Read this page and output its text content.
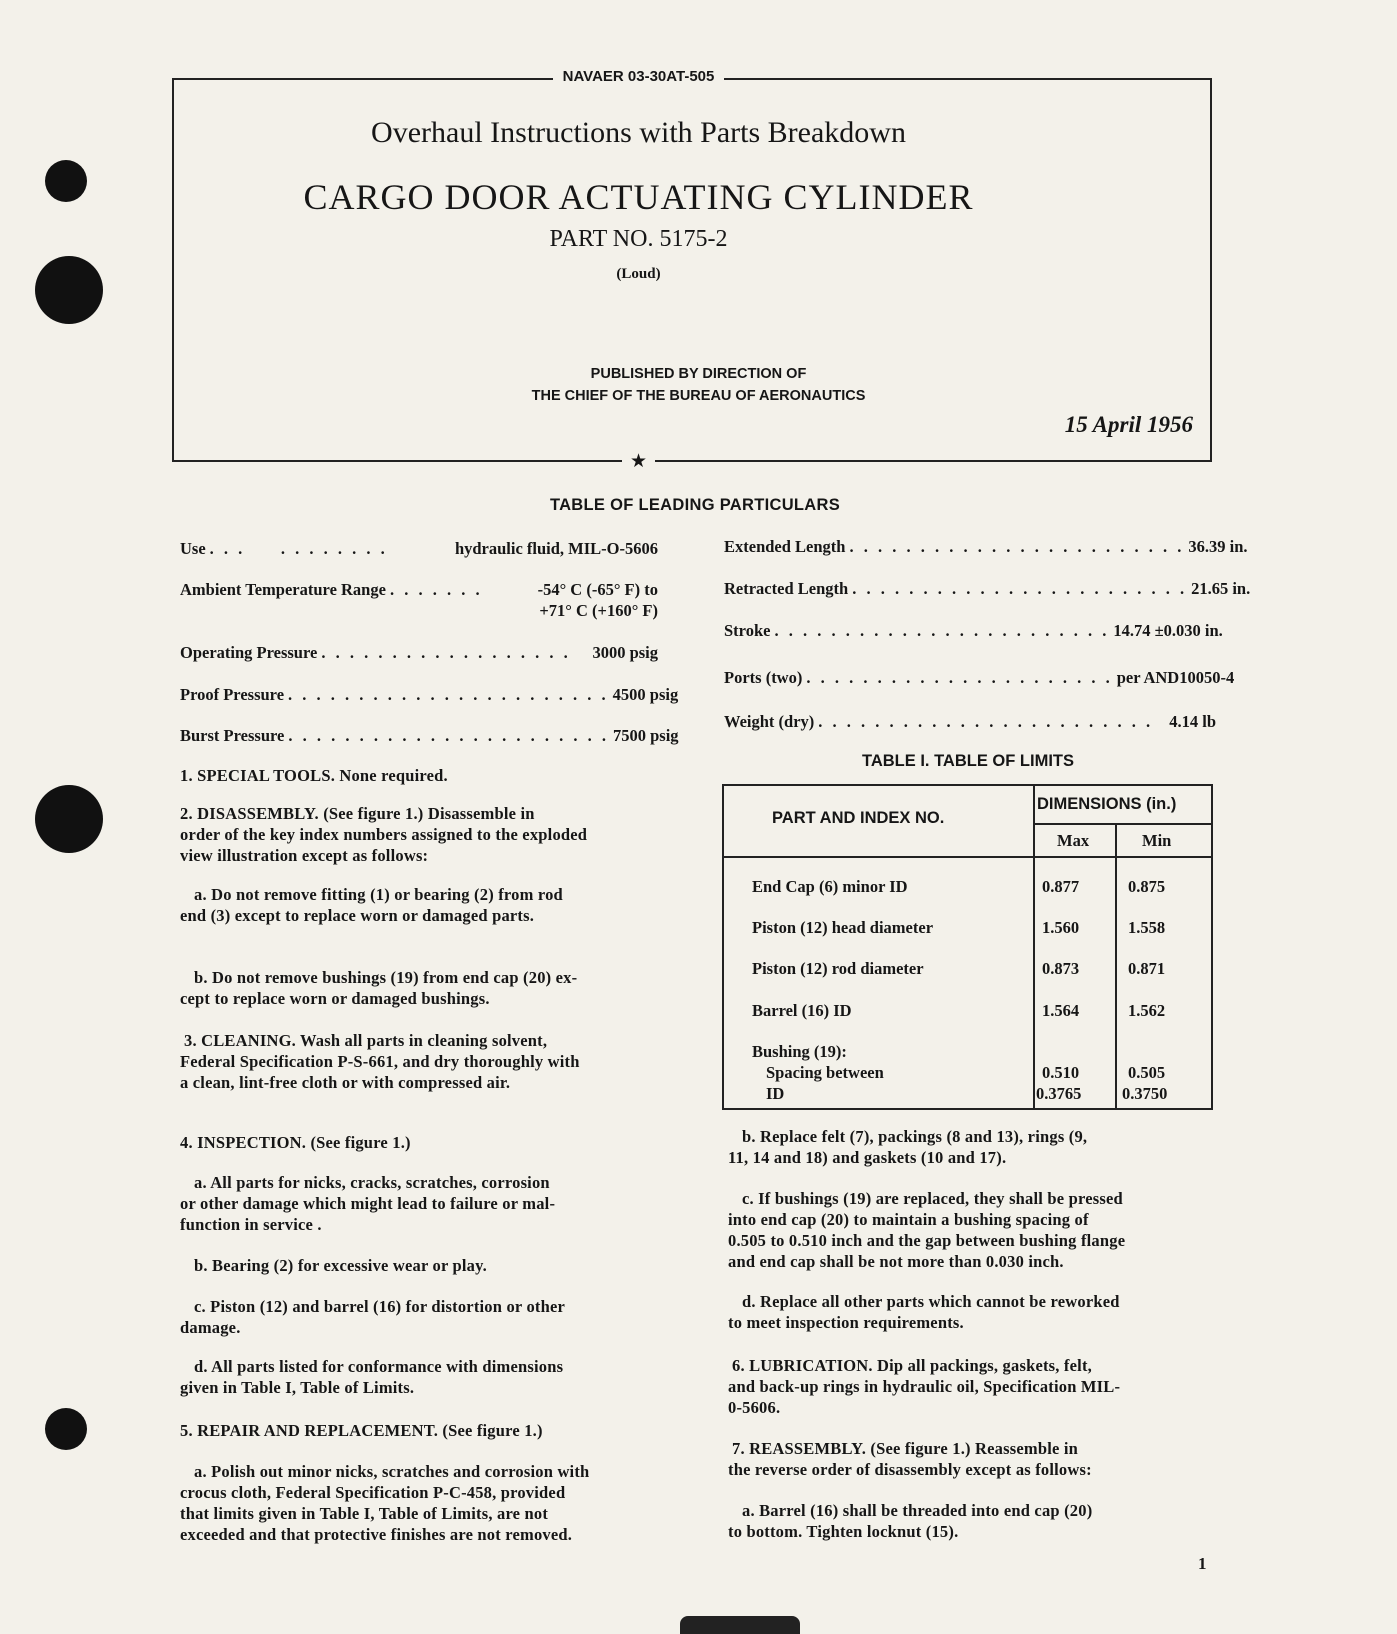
NAVAER 03-30AT-505
Overhaul Instructions with Parts Breakdown
CARGO DOOR ACTUATING CYLINDER
PART NO. 5175-2
(Loud)
PUBLISHED BY DIRECTION OF
THE CHIEF OF THE BUREAU OF AERONAUTICS
15 April 1956
★
TABLE OF LEADING PARTICULARS
Use . . .     . . . . . . . .	hydraulic fluid, MIL-O-5606
Ambient Temperature Range . . . . . . .	-54° C (-65° F) to
+71° C (+160° F)
Operating Pressure . . . . . . . . . . . . . . . . . .	3000 psig
Proof Pressure . . . . . . . . . . . . . . . . . . . . . . . 4500 psig
Burst Pressure . . . . . . . . . . . . . . . . . . . . . . . 7500 psig
Extended Length . . . . . . . . . . . . . . . . . . . . . . . . 36.39 in.
Retracted Length . . . . . . . . . . . . . . . . . . . . . . . . 21.65 in.
Stroke . . . . . . . . . . . . . . . . . . . . . . . . 14.74 ±0.030 in.
Ports (two) . . . . . . . . . . . . . . . . . . . . . . per AND10050-4
Weight (dry) . . . . . . . . . . . . . . . . . . . . . . . . 4.14 lb
1. SPECIAL TOOLS. None required.
2. DISASSEMBLY. (See figure 1.) Disassemble in
order of the key index numbers assigned to the exploded
view illustration except as follows:
a. Do not remove fitting (1) or bearing (2) from rod
end (3) except to replace worn or damaged parts.
b. Do not remove bushings (19) from end cap (20) ex-
cept to replace worn or damaged bushings.
3. CLEANING. Wash all parts in cleaning solvent,
Federal Specification P-S-661, and dry thoroughly with
a clean, lint-free cloth or with compressed air.
4. INSPECTION. (See figure 1.)
a. All parts for nicks, cracks, scratches, corrosion
or other damage which might lead to failure or mal-
function in service .
b. Bearing (2) for excessive wear or play.
c. Piston (12) and barrel (16) for distortion or other
damage.
d. All parts listed for conformance with dimensions
given in Table I, Table of Limits.
5. REPAIR AND REPLACEMENT. (See figure 1.)
a. Polish out minor nicks, scratches and corrosion with
crocus cloth, Federal Specification P-C-458, provided
that limits given in Table I, Table of Limits, are not
exceeded and that protective finishes are not removed.
TABLE I. TABLE OF LIMITS
PART AND INDEX NO.
DIMENSIONS (in.)
Max	Min
End Cap (6) minor ID	0.877	0.875
Piston (12) head diameter	1.560	1.558
Piston (12) rod diameter	0.873	0.871
Barrel (16) ID	1.564	1.562
Bushing (19):
Spacing between	0.510	0.505
ID	0.3765 0.3750
b. Replace felt (7), packings (8 and 13), rings (9,
11, 14 and 18) and gaskets (10 and 17).
c. If bushings (19) are replaced, they shall be pressed
into end cap (20) to maintain a bushing spacing of
0.505 to 0.510 inch and the gap between bushing flange
and end cap shall be not more than 0.030 inch.
d. Replace all other parts which cannot be reworked
to meet inspection requirements.
6. LUBRICATION. Dip all packings, gaskets, felt,
and back-up rings in hydraulic oil, Specification MIL-
0-5606.
7. REASSEMBLY. (See figure 1.) Reassemble in
the reverse order of disassembly except as follows:
a. Barrel (16) shall be threaded into end cap (20)
to bottom. Tighten locknut (15).
1
